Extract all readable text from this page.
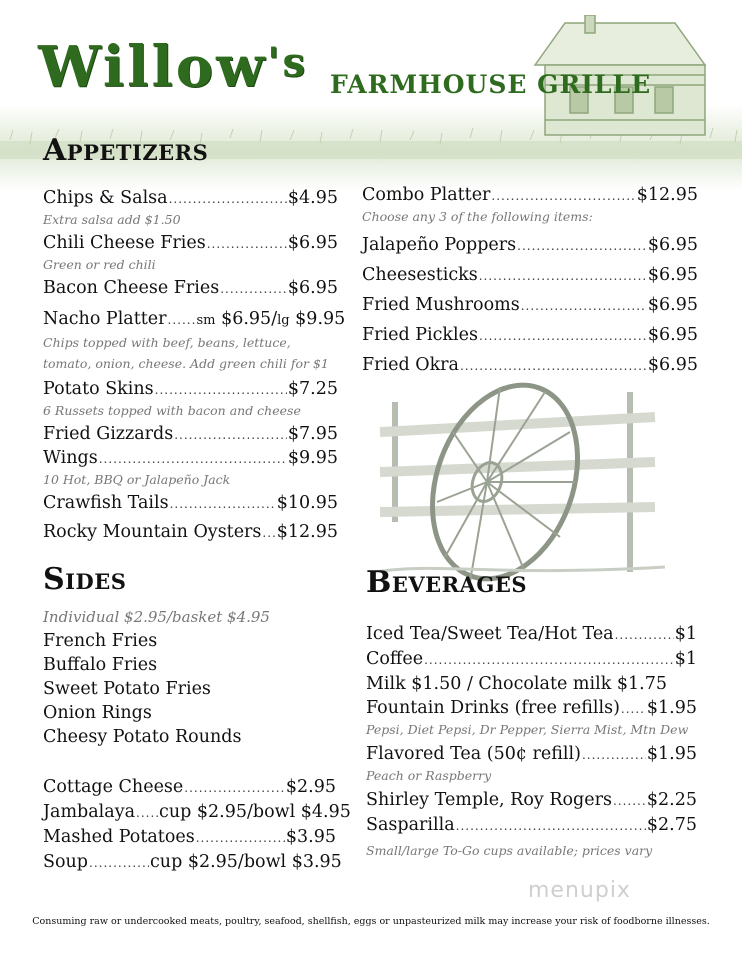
Willow's FARMHOUSE GRILLE
Appetizers
Chips & Salsa .....	$4.95
Extra salsa add $1.50
Chili Cheese Fries .....	$6.95
Green or red chili
Bacon Cheese Fries .....	$6.95
Nacho Platter ..... sm $6.95/lg $9.95
Chips topped with beef, beans, lettuce, tomato, onion, cheese. Add green chili for $1
Potato Skins .....	$7.25
6 Russets topped with bacon and cheese
Fried Gizzards .....	$7.95
Wings .....	$9.95
10 Hot, BBQ or Jalapeño Jack
Crawfish Tails .....	$10.95
Rocky Mountain Oysters ..... $12.95
Combo Platter .....	$12.95
Choose any 3 of the following items:
Jalapeño Poppers .....	$6.95
Cheesesticks .....	$6.95
Fried Mushrooms .....	$6.95
Fried Pickles .....	$6.95
Fried Okra .....	$6.95
Sides
Individual $2.95/basket $4.95
French Fries
Buffalo Fries
Sweet Potato Fries
Onion Rings
Cheesy Potato Rounds
Cottage Cheese .....	$2.95
Jambalaya ..... cup $2.95/bowl $4.95
Mashed Potatoes .....	$3.95
Soup .....	cup $2.95/bowl $3.95
Beverages
Iced Tea/Sweet Tea/Hot Tea .....	$1
Coffee .....	$1
Milk $1.50 / Chocolate milk $1.75
Fountain Drinks (free refills) ..... $1.95
Pepsi, Diet Pepsi, Dr Pepper, Sierra Mist, Mtn Dew
Flavored Tea (50¢ refill) .....	$1.95
Peach or Raspberry
Shirley Temple, Roy Rogers ..... $2.25
Sasparilla .....	$2.75
Small/large To-Go cups available; prices vary
menupix
Consuming raw or undercooked meats, poultry, seafood, shellfish, eggs or unpasteurized milk may increase your risk of foodborne illnesses.
